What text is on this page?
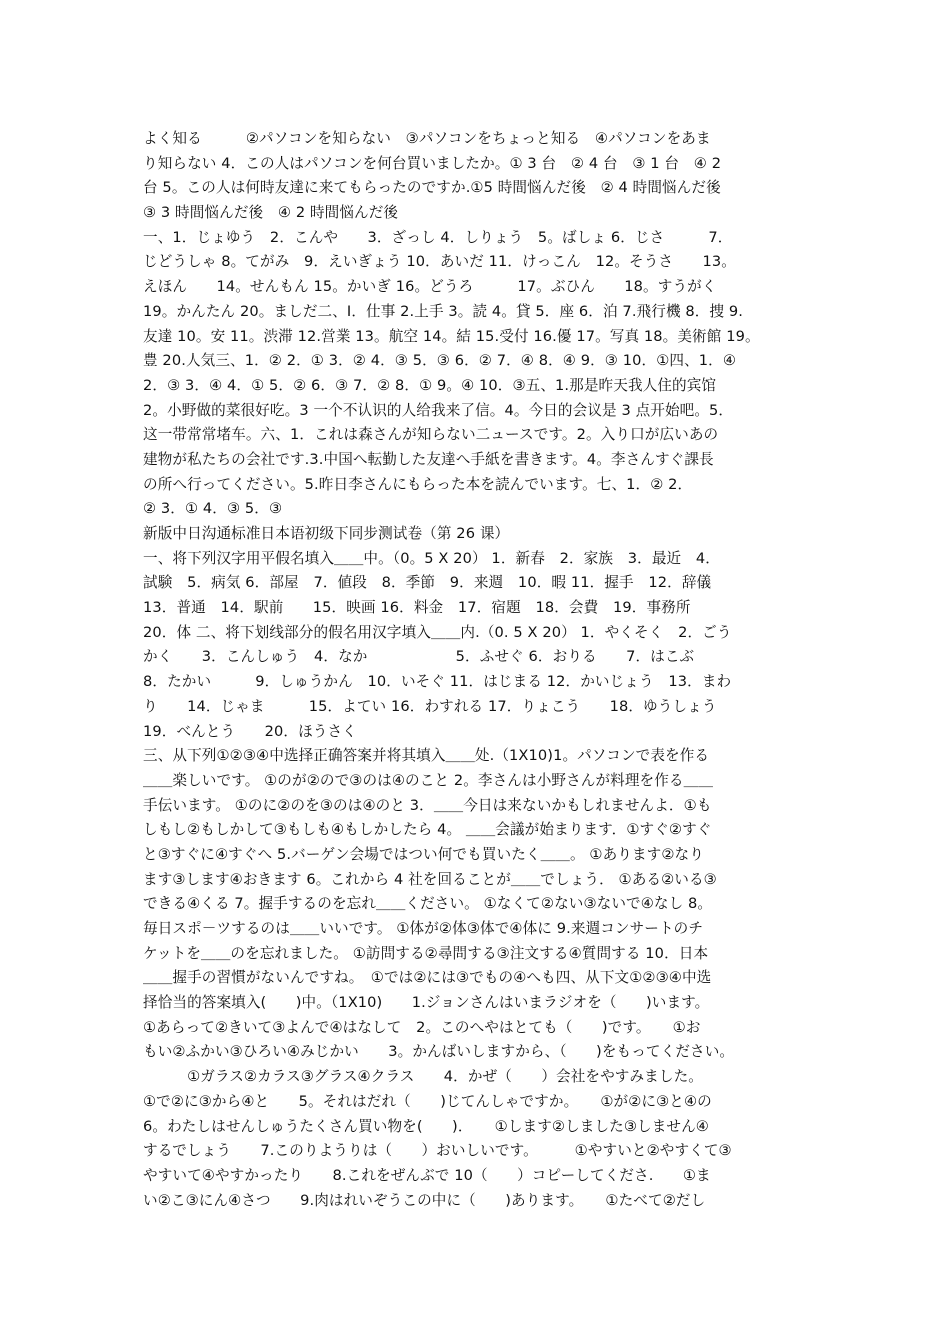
よく知る　　　②パソコンを知らない　③パソコンをちょっと知る　④パソコンをあま
り知らない 4．この人はパソコンを何台買いましたか。① 3 台　② 4 台　③ 1 台　④ 2
台 5。この人は何時友達に来てもらったのですか.①5 時間悩んだ後　② 4 時間悩んだ後
③ 3 時間悩んだ後　④ 2 時間悩んだ後
一、1．じょゆう　2．こんや　　3．ざっし 4．しりょう　5。ばしょ 6．じさ　　　7．
じどうしゃ 8。てがみ　9．えいぎょう 10．あいだ 11．けっこん　12。そうさ　　13。
えほん　　14。せんもん 15。かいぎ 16。どうろ　　　17。ぶひん　　18。すうがく
19。かんたん 20。ましだ二、I．仕事 2.上手 3。読 4。貸 5．座 6．泊 7.飛行機 8．捜 9.
友達 10。安 11。渋滞 12.営業 13。航空 14。結 15.受付 16.優 17。写真 18。美術館 19。
豊 20.人気三、1．② 2．① 3．② 4．③ 5．③ 6．② 7．④ 8．④ 9．③ 10．①四、1．④
2．③ 3．④ 4．① 5．② 6．③ 7．② 8．① 9。④ 10．③五、1.那是昨天我人住的宾馆
2。小野做的菜很好吃。3 一个不认识的人给我来了信。4。今日的会议是 3 点开始吧。5．
这一带常常堵车。六、1．これは森さんが知らない二ュースです。2。入り口が広いあの
建物が私たちの会社です.3.中国へ転勤した友達へ手紙を書きます。4。李さんすぐ課長
の所へ行ってください。5.昨日李さんにもらった本を読んでいます。七、1．② 2．
② 3．① 4．③ 5．③
新版中日沟通标准日本语初级下同步测试卷（第 26 课）
一、将下列汉字用平假名填入＿＿中。（0。5 X 20） 1．新春　2．家族　3．最近　4．
試験　5．病気 6．部屋　7．値段　8．季節　9．来週　10．暇 11．握手　12．辞儀
13．普通　14．駅前　　15．映画 16．料金　17．宿題　18．会費　19．事務所
20．体 二、将下划线部分的假名用汉字填入＿＿内.（0. 5 X 20） 1．やくそく　2．ごう
かく　　3．こんしゅう　4．なか　　　　　　5．ふせぐ 6．おりる　　7．はこぶ
8．たかい　　　9．しゅうかん　10．いそぐ 11．はじまる 12．かいじょう　13．まわ
り　　14．じゃま　　　15．よてい 16．わすれる 17．りょこう　　18．ゆうしょう
19．べんとう　　20．ほうさく
三、从下列①②③④中选择正确答案并将其填入＿＿处.（1X10)1。パソコンで表を作る
＿＿楽しいです。 ①のが②ので③のは④のこと 2。李さんは小野さんが料理を作る＿＿
手伝います。 ①のに②のを③のは④のと 3．＿＿今日は来ないかもしれませんよ．①も
しもし②もしかして③もしも④もしかしたら 4。 ＿＿会議が始まります．①すぐ②すぐ
と③すぐに④すぐへ 5.バーゲン会場ではつい何でも買いたく＿＿。 ①あります②なり
ます③します④おきます 6。これから 4 社を回ることが＿＿でしょう． ①ある②いる③
できる④くる 7。握手するのを忘れ＿＿ください。 ①なくて②ない③ないで④なし 8。
毎日スポ－ツするのは＿＿いいです。 ①体が②体③体で④体に 9.来週コンサートのチ
ケットを＿＿のを忘れました。 ①訪問する②尋問する③注文する④質問する 10．日本
＿＿握手の習慣がないんですね。　①では②には③でもの④へも四、从下文①②③④中选
择恰当的答案填入(　　)中。（1X10)　　1.ジョンさんはいまラジオを（　　)います。
①あらって②きいて③よんで④はなして　2。このへやはとても（　　)です。　　①お
もい②ふかい③ひろい④みじかい　　3。かんばいしますから、（　　)をもってください。
　　　①ガラス②カラス③グラス④クラス　　4．かぜ（　　）会社をやすみました。
①で②に③から④と　　5。それはだれ（　　)じてんしゃですか。　　①が②に③と④の
6。わたしはせんしゅうたくさん買い物を(　　)．　　①します②しました③しません④
するでしょう　　7.このりようりは（　　）おいしいです。　　　①やすいと②やすくて③
やすいて④やすかったり　　8.これをぜんぶで 10（　　）コピーしてくださ.　　①ま
い②こ③にん④さつ　　9.肉はれいぞうこの中に（　　)あります。　　①たべて②だし
